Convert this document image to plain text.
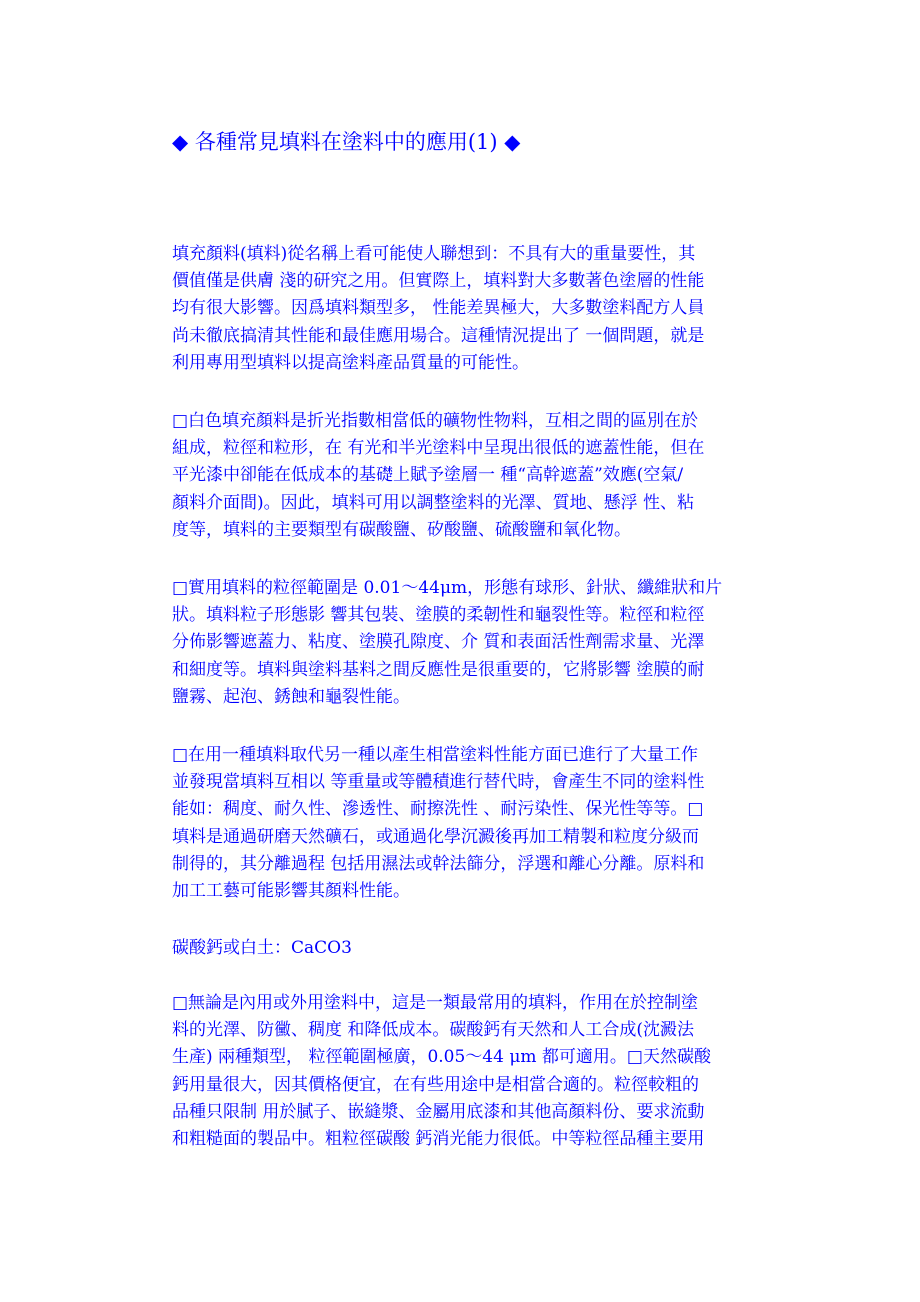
◆ 各種常見填料在塗料中的應用(1) ◆
填充顏料(填料)從名稱上看可能使人聯想到：不具有大的重量要性，其
價值僅是供膚 淺的研究之用。但實際上，填料對大多數著色塗層的性能
均有很大影響。因爲填料類型多， 性能差異極大，大多數塗料配方人員
尚未徹底搞清其性能和最佳應用場合。這種情況提出了 一個問題，就是
利用專用型填料以提高塗料產品質量的可能性。
□白色填充顏料是折光指數相當低的礦物性物料，互相之間的區別在於
組成，粒徑和粒形，在 有光和半光塗料中呈現出很低的遮蓋性能，但在
平光漆中卻能在低成本的基礎上賦予塗層一 種“高幹遮蓋”效應(空氣/
顏料介面間)。因此，填料可用以調整塗料的光澤、質地、懸浮 性、粘
度等，填料的主要類型有碳酸鹽、矽酸鹽、硫酸鹽和氧化物。
□實用填料的粒徑範圍是 0.01～44μm，形態有球形、針狀、纖維狀和片
狀。填料粒子形態影 響其包裝、塗膜的柔韌性和龜裂性等。粒徑和粒徑
分佈影響遮蓋力、粘度、塗膜孔隙度、介 質和表面活性劑需求量、光澤
和細度等。填料與塗料基料之間反應性是很重要的，它將影響 塗膜的耐
鹽霧、起泡、銹蝕和龜裂性能。
□在用一種填料取代另一種以產生相當塗料性能方面已進行了大量工作
並發現當填料互相以 等重量或等體積進行替代時，會產生不同的塗料性
能如：稠度、耐久性、滲透性、耐擦洗性 、耐污染性、保光性等等。□
填料是通過研磨天然礦石，或通過化學沉澱後再加工精製和粒度分級而
制得的，其分離過程 包括用濕法或幹法篩分，浮選和離心分離。原料和
加工工藝可能影響其顏料性能。
碳酸鈣或白土：CaCO3
□無論是內用或外用塗料中，這是一類最常用的填料，作用在於控制塗
料的光澤、防黴、稠度 和降低成本。碳酸鈣有天然和人工合成(沈澱法
生產) 兩種類型， 粒徑範圍極廣，0.05～44 μm 都可適用。□天然碳酸
鈣用量很大，因其價格便宜，在有些用途中是相當合適的。粒徑較粗的
品種只限制 用於膩子、嵌縫漿、金屬用底漆和其他高顏料份、要求流動
和粗糙面的製品中。粗粒徑碳酸 鈣消光能力很低。中等粒徑品種主要用
